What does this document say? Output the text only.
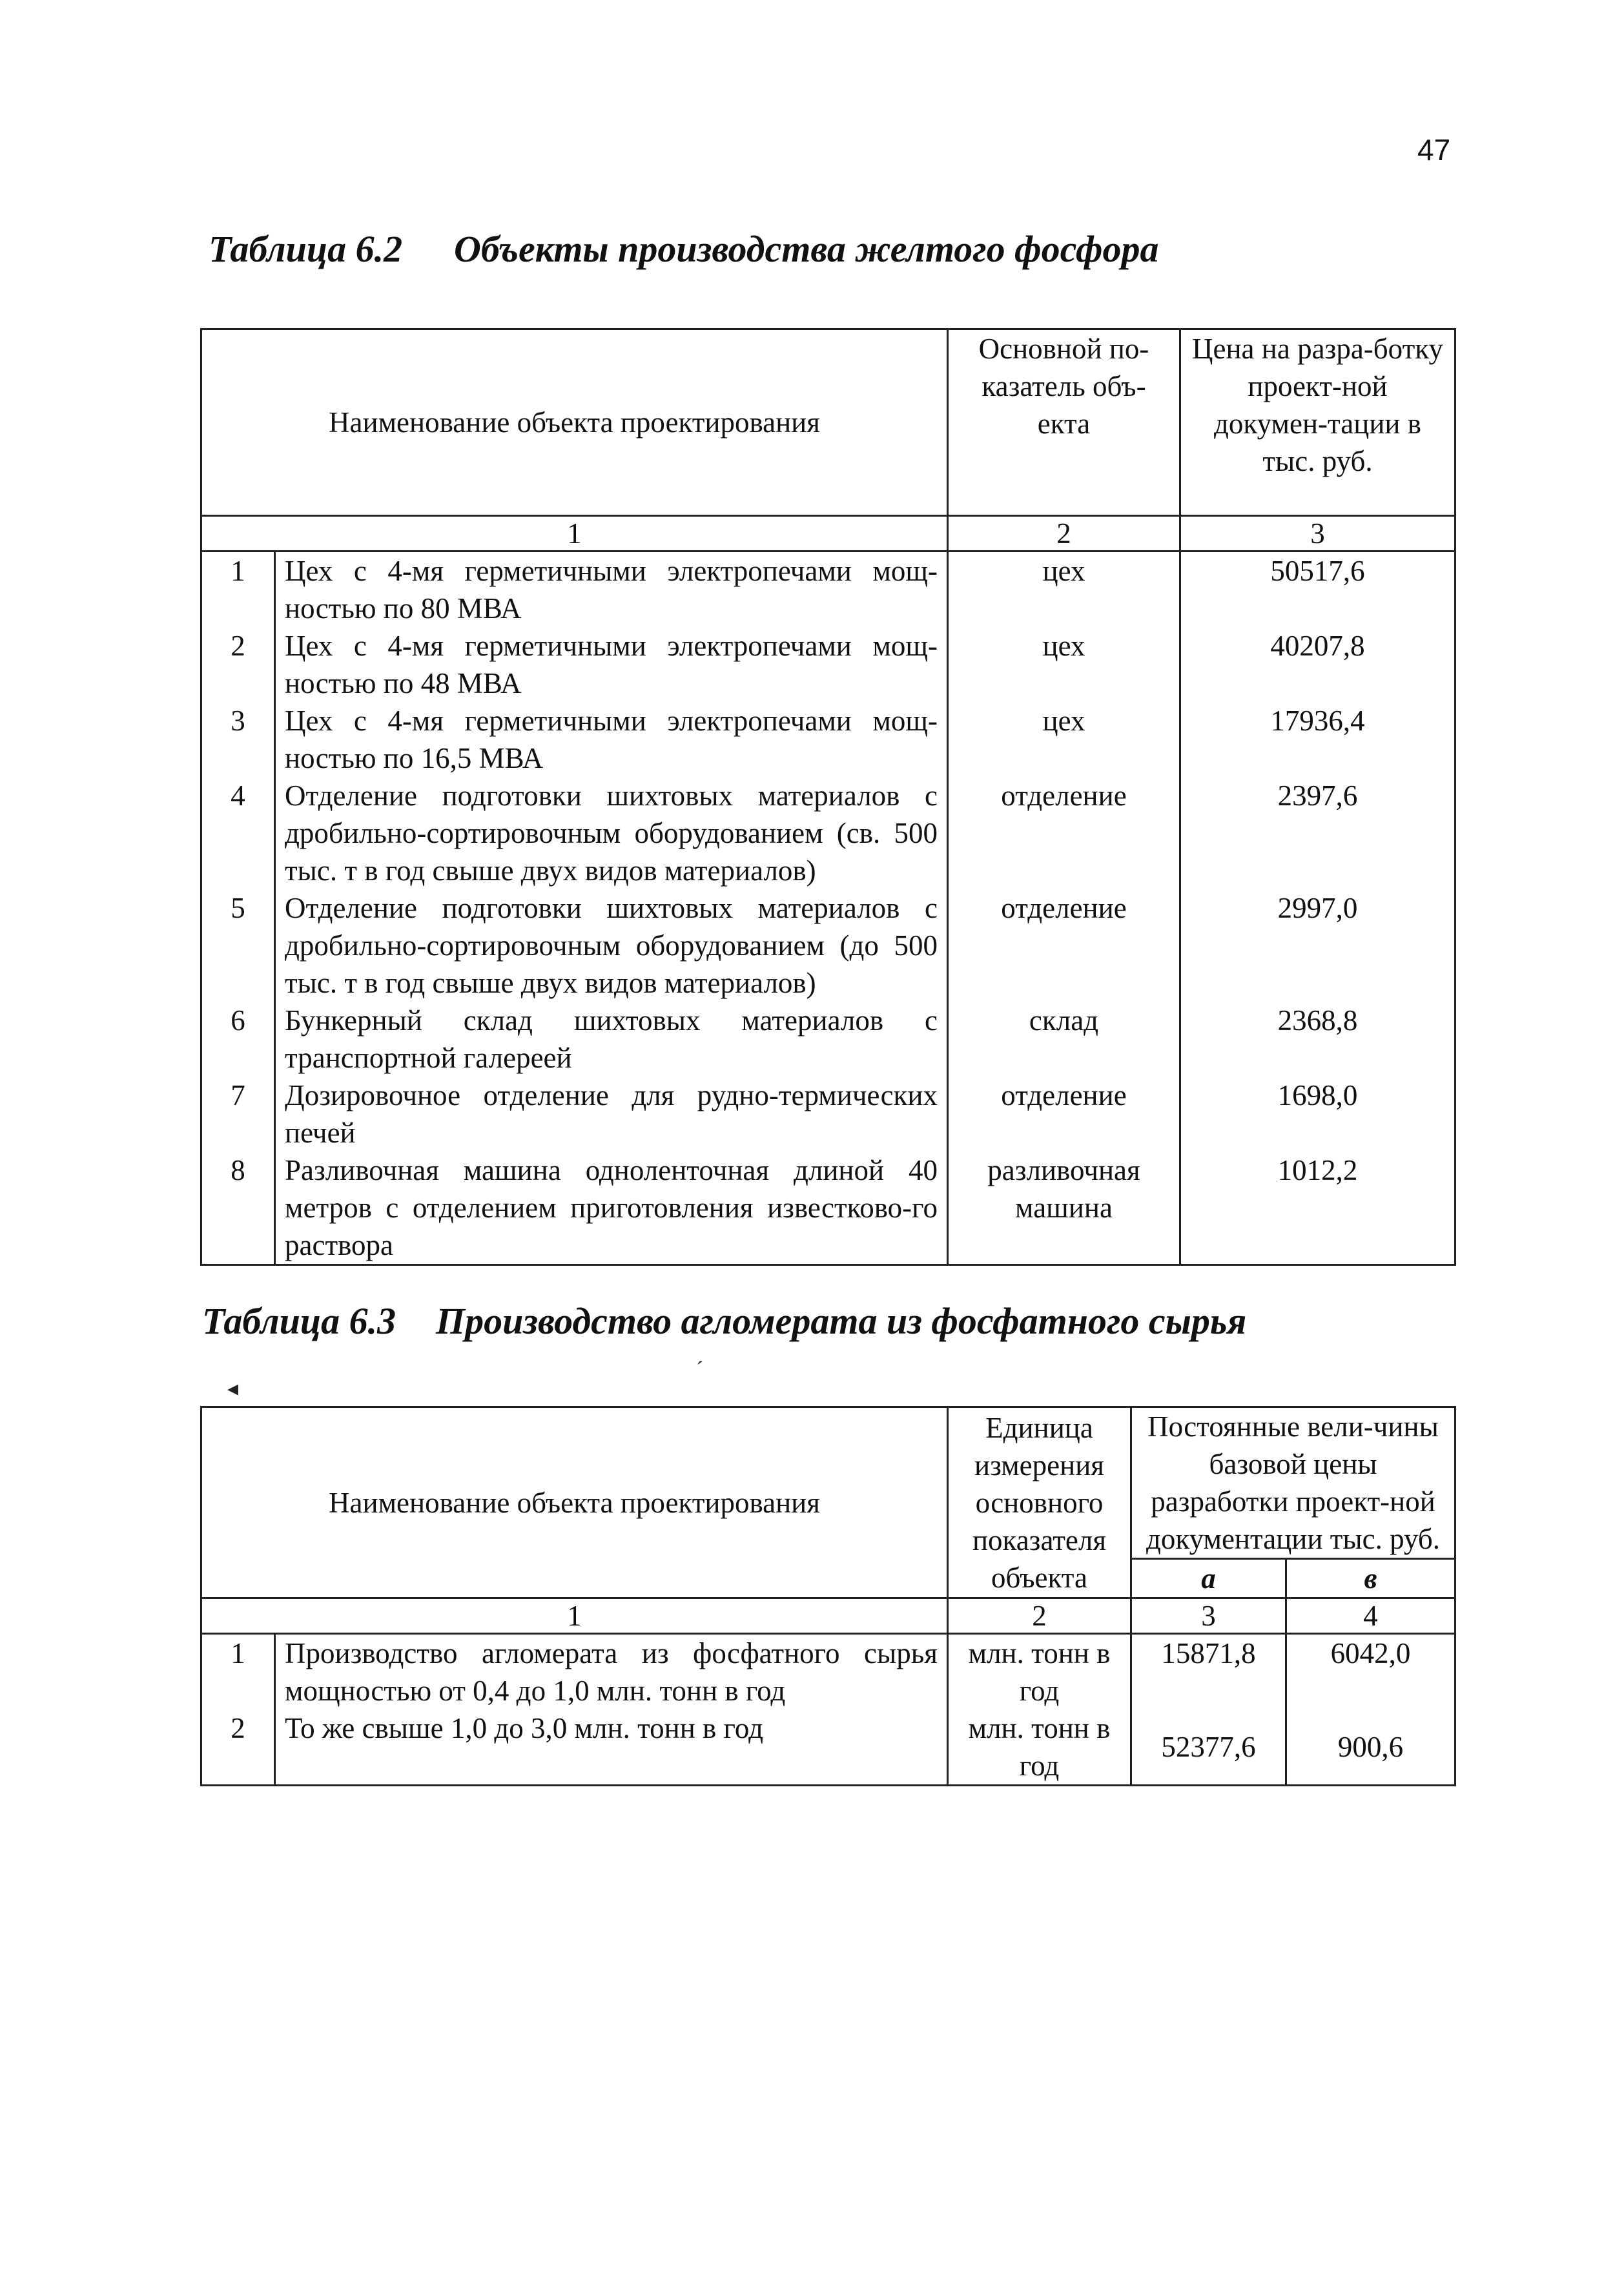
47
Таблица 6.2 Объекты производства желтого фосфора
Наименование объекта проектирования		Основной по-казатель объ-екта	Цена на разра-ботку проект-ной докумен-тации в тыс. руб.
1		2	3
1	Цех с 4-мя герметичными электропечами мощ-ностью по 80 МВА	цех	50517,6
2	Цех с 4-мя герметичными электропечами мощ-ностью по 48 МВА	цех	40207,8
3	Цех с 4-мя герметичными электропечами мощ-ностью по 16,5 МВА	цех	17936,4
4	Отделение подготовки шихтовых материалов с дробильно-сортировочным оборудованием (св. 500 тыс. т в год свыше двух видов материалов)	отделение	2397,6
5	Отделение подготовки шихтовых материалов с дробильно-сортировочным оборудованием (до 500 тыс. т в год свыше двух видов материалов)	отделение	2997,0
6	Бункерный склад шихтовых материалов с транспортной галереей	склад	2368,8
7	Дозировочное отделение для рудно-термических печей	отделение	1698,0
8	Разливочная машина одноленточная длиной 40 метров с отделением приготовления известково-го раствора	разливочная машина	1012,2
Таблица 6.3 Производство агломерата из фосфатного сырья
◂
ˊ
Наименование объекта проектирования		Единица измерения основного показателя объекта	Постоянные вели-чины базовой цены разработки проект-ной документации тыс. руб.	
			а	в
1		2	3	4
1	Производство агломерата из фосфатного сырья мощностью от 0,4 до 1,0 млн. тонн в год	млн. тонн в год	15871,8	6042,0
2	То же свыше 1,0 до 3,0 млн. тонн в год	млн. тонн в год	52377,6	900,6
